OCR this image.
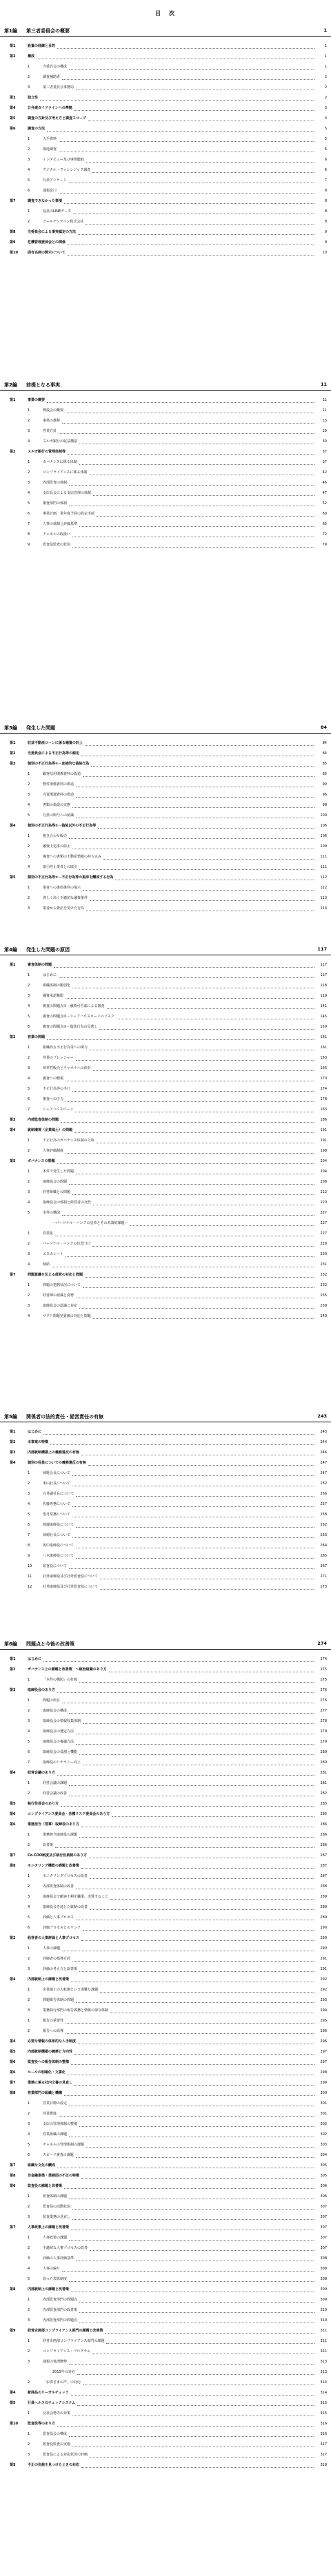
目　次
第1編 第三者委員会の概要	1
第1	設置の経緯と目的	1
第2	構成	1
1	当委員会の構成	1
2	調査補助者	2
3	第三者委員会事務局	2
第3	独立性	2
第4	日弁連ガイドラインへの準拠	3
第5	調査の方針及び考え方と調査スコープ	4
第6	調査の方法	5
1	入手資料	5
2	現地調査	6
3	インタビュー及び事情聴取	6
4	デジタル・フォレンジック調査	6
5	行員アンケート	7
6	通報窓口	8
第7	調査できなかった事項	8
1	役員のLINEデータ	8
2	ゴールデンゲイン株式会社	8
第8	当委員会による事実認定の方法	9
第9	危機管理委員会との関係	9
第10	固有名詞の開示について	10
第2編 前提となる事実	11
第1	事業の概要	11
1	開設会の概要	11
2	事業の推移	13
3	営業方針	29
4	スルガ銀行の収益構造	30
第2	スルガ銀行の管理体制等	37
1	ガバナンスに係る体制	37
2	コンプライアンスに係る体制	42
3	内部監査の体制	46
4	支店長会による支店管理の体制	47
5	審査部門の体制	52
6	事業計画、業年度予算の設定手続	60
7	人事の体制と評価基準	65
8	チャネルの取扱い	72
9	監査役監査の状況	79
第3編 発生した問題	84
第1	収益不動産ローンに係る融資の計上	84
第2	当委員会による不正行為等の認定	84
第3	個別の不正行為等①－直接的な偽装行為	85
1	顧客信用関係資料の偽造	85
2	物件関係資料の偽造	90
3	売買関連資料の偽造	96
4	書類の偽造の実態	98
5	行員の関与への認識	100
第4	個別の不正行為等②－偽装以外の不正行為等	106
1	抱き合わせ販売	106
2	融資上追求の防止	109
3	審査への書類の不動産情報の持ち込み	111
4	取引停止業者との取引	111
第5	個別の不正行為等③－不正行為等の温床を醸成する行為	112
1	業者への書面条件の提示	112
2	著しく高く不適切な融資条件	113
3	業者から資産を受けた行為	114
第4編 発生した問題の原因	117
第1	審査体制の問題	117
1	はじめに	117
2	組織体制の脆弱化	118
3	融資承認権限	119
4	審査の問題点①－融資可否認による審査	141
5	審査の問題点②－シェアハウスローンのリスク	145
6	審査の問題点③－偽装行為の見逃し	150
第2	営業の問題	161
1	組織的な不正行為等への関与	161
2	営業のプレッシャー	163
3	効率性販売とチャネルへの依存	165
4	審査への軽視	170
5	不正行為等の手口	174
6	審査への圧力	178
7	シェアハウスローン	183
第3	内部監査体制の問題	186
第4	統制環境（企業風土）の問題	191
1	不正行為のガバナンス体制の欠如	191
2	人事評価制度	198
第5	ガバナンスの問題	204
1	本件で発生した問題	204
2	取締役会の問題	208
3	経営組織との問題	212
4	取締役会の体制と経営者の交代	220
5	本件の構図	227
～パーソナル・バンクの皇帝とその末裔的課題～	227
1	営業化	227
2	パーソナル・バンクの位置づけ	228
3	エスカレート	230
4	帰結	231
第7	問題意識を伝える経営の対応と問題	232
1	問題の把握状況について	232
2	経営陣の認識と姿勢	235
3	取締役会の認識と対応	239
4	サクト問題発覚後の対応と問題	240
第5編 関係者の法的責任・経営責任の有無	243
第1	はじめに	243
第2	本事案の特徴	244
第3	内部統制構築上の義務違反の有無	246
第4	個別の役員についての義務違反の有無	247
1	岡野会長について	247
2	米山社長について	252
3	白井副社長について	256
4	佐藤専務について	257
5	望月常務について	258
6	渡邊取締役について	262
7	岡崎社長について	263
8	坂中取締役について	264
9	八木取締役について	265
10	監査役について	267
11	社外取締役及び社外監査役について	271
12	社外取締役及び社外監査役について	273
第6編 問題点と今後の改善策	274
第1	はじめに	274
第2	ガバナンス上の課題と改善策　～統治組織のあり方	275
1	「本件の構図」の打破	275
第3	取締役会のあり方	276
1	問題の所在	276
2	取締役会の構成	277
3	取締役会の情報収集体制	278
4	取締役会の選定方法	279
5	取締役会の審議方法	279
6	取締役会の役割と機能	280
7	取締役のリテラシー向上	280
第4	経営会議のあり方	281
1	経営会議の課題	281
2	経営会議の改善	282
第5	執行役員会のあり方	283
第6	コンプライアンス委員会・各種リスク委員会のあり方	285
第6	業務担当（管掌）取締役のあり方	286
1	業務担当取締役の課題	286
2	改善策	286
第7	Co.COO制度及び執行役員制のあり方	287
第8	モニタリング機能の課題と改善策	287
1	モニタリングプロセスの改善	287
2	内部監査体制の改善	288
3	取締役会で顧客不利を職業、実質すること	289
4	取締役会を通じた統制の改善	289
5	評価と人事プロセス	289
6	評価プロセスとのリンク	290
第2	経営者の人事評価と人事プロセス	290
1	人事の課題	290
2	評価者の指導方針	291
3	評価の考え方と改善策	291
第4	内部統制上の課題と改善策	292
1	企業風土の大転換という困難な課題	292
2	問題報告体制の問題	293
3	業務執行部門の報告義務と情報の保存体制	294
1	報告の重要性	295
2	報告への誘導	296
第4	必要な情報の体系的な入手制度	296
第5	内部統制構築の義務と方向性	297
第6	監査役への報告体制の整備	297
第6	ルールの明確化・文書化	298
第7	業務に係る社内文書の見直し	299
第8	営業部門の組織と機構	300
1	営業目標の設定	301
2	営業推進	301
3	支店の管理体制の整備	302
4	営業組織の課題	302
5	チャネルの管理体制の課題	303
6	スピード審査の課題	304
第7	組織な文化の醸成	305
第8	非金融事業・業務面の不正の特徴	305
第6	監査役の課題と改善策	306
1	監査体制の課題	306
2	監査役の活動状況	307
3	監査業務の見直し	307
第7	人事政策上の課題と改善策	307
1	人事政策の課題	307
2	不適切な人事プロセスの改善	307
3	評価の人事評価基準	308
4	人事の偏り	308
5	誤った表彰制度	308
第8	内部統制上の課題と改善策	309
1	内部監査部門の問題点	309
2	内部監査部門の改善策	310
3	内部監査部門の問題点	310
第9	経営企画部コンプライアンス部門の課題と改善策	311
1	経営企画部コンプライアンス部門の課題	311
2	コンプライアンス・プログラム	311
3	通報の処理態勢	313
2015年の対応	313
2	「お客さまの声」の対応	314
第4	新商品のリーガルチェック	314
第5	行員ヘルスのチェックシステム	315
1	反社会勢力の対策	315
第10	監査役等のあり方	316
1	監査役会の構成	316
2	監査役監査の実施	317
3	監査役による対応状況の評価	317
第5	不正の兆候を見つけたときの対応	318
